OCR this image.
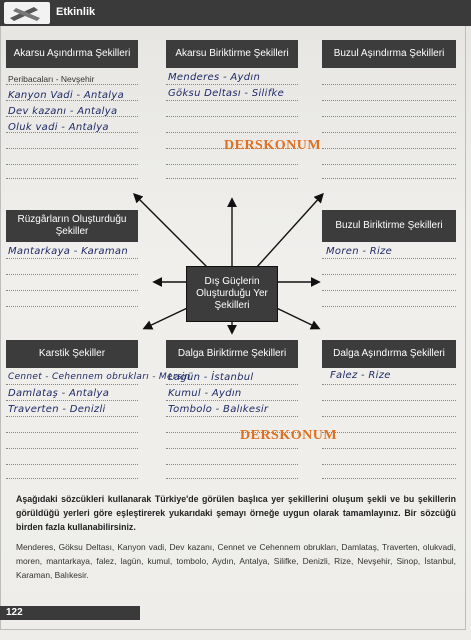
Etkinlik
Akarsu Aşındırma Şekilleri	Akarsu Biriktirme Şekilleri	Buzul Aşındırma Şekilleri
Peribacaları - Nevşehir
Kanyon Vadi - Antalya
Dev kazanı - Antalya
Oluk vadi - Antalya
Menderes - Aydın
Göksu Deltası - Silifke
DERSKONUM
Rüzgârların Oluşturduğu Şekiller
Dış Güçlerin Oluşturduğu Yer Şekilleri
Buzul Biriktirme Şekilleri
Mantarkaya - Karaman	Moren - Rize
Karstik Şekiller	Dalga Biriktirme Şekilleri	Dalga Aşındırma Şekilleri
Cennet - Cehennem obrukları - Mersin
Damlataş - Antalya
Traverten - Denizli
Lagün - İstanbul
Kumul - Aydın
Tombolo - Balıkesir
Falez - Rize
DERSKONUM
Aşağıdaki sözcükleri kullanarak Türkiye'de görülen başlıca yer şekillerini oluşum şekli ve bu şekillerin görüldüğü yerleri göre eşleştirerek yukarıdaki şemayı örneğe uygun olarak tamamlayınız. Bir sözcüğü birden fazla kullanabilirsiniz.
Menderes, Göksu Deltası, Kanyon vadi, Dev kazanı, Cennet ve Cehennem obrukları, Damlataş, Traverten, olukvadi, moren, mantarkaya, falez, lagün, kumul, tombolo, Aydın, Antalya, Silifke, Denizli, Rize, Nevşehir, Sinop, İstanbul, Karaman, Balıkesir.
122
